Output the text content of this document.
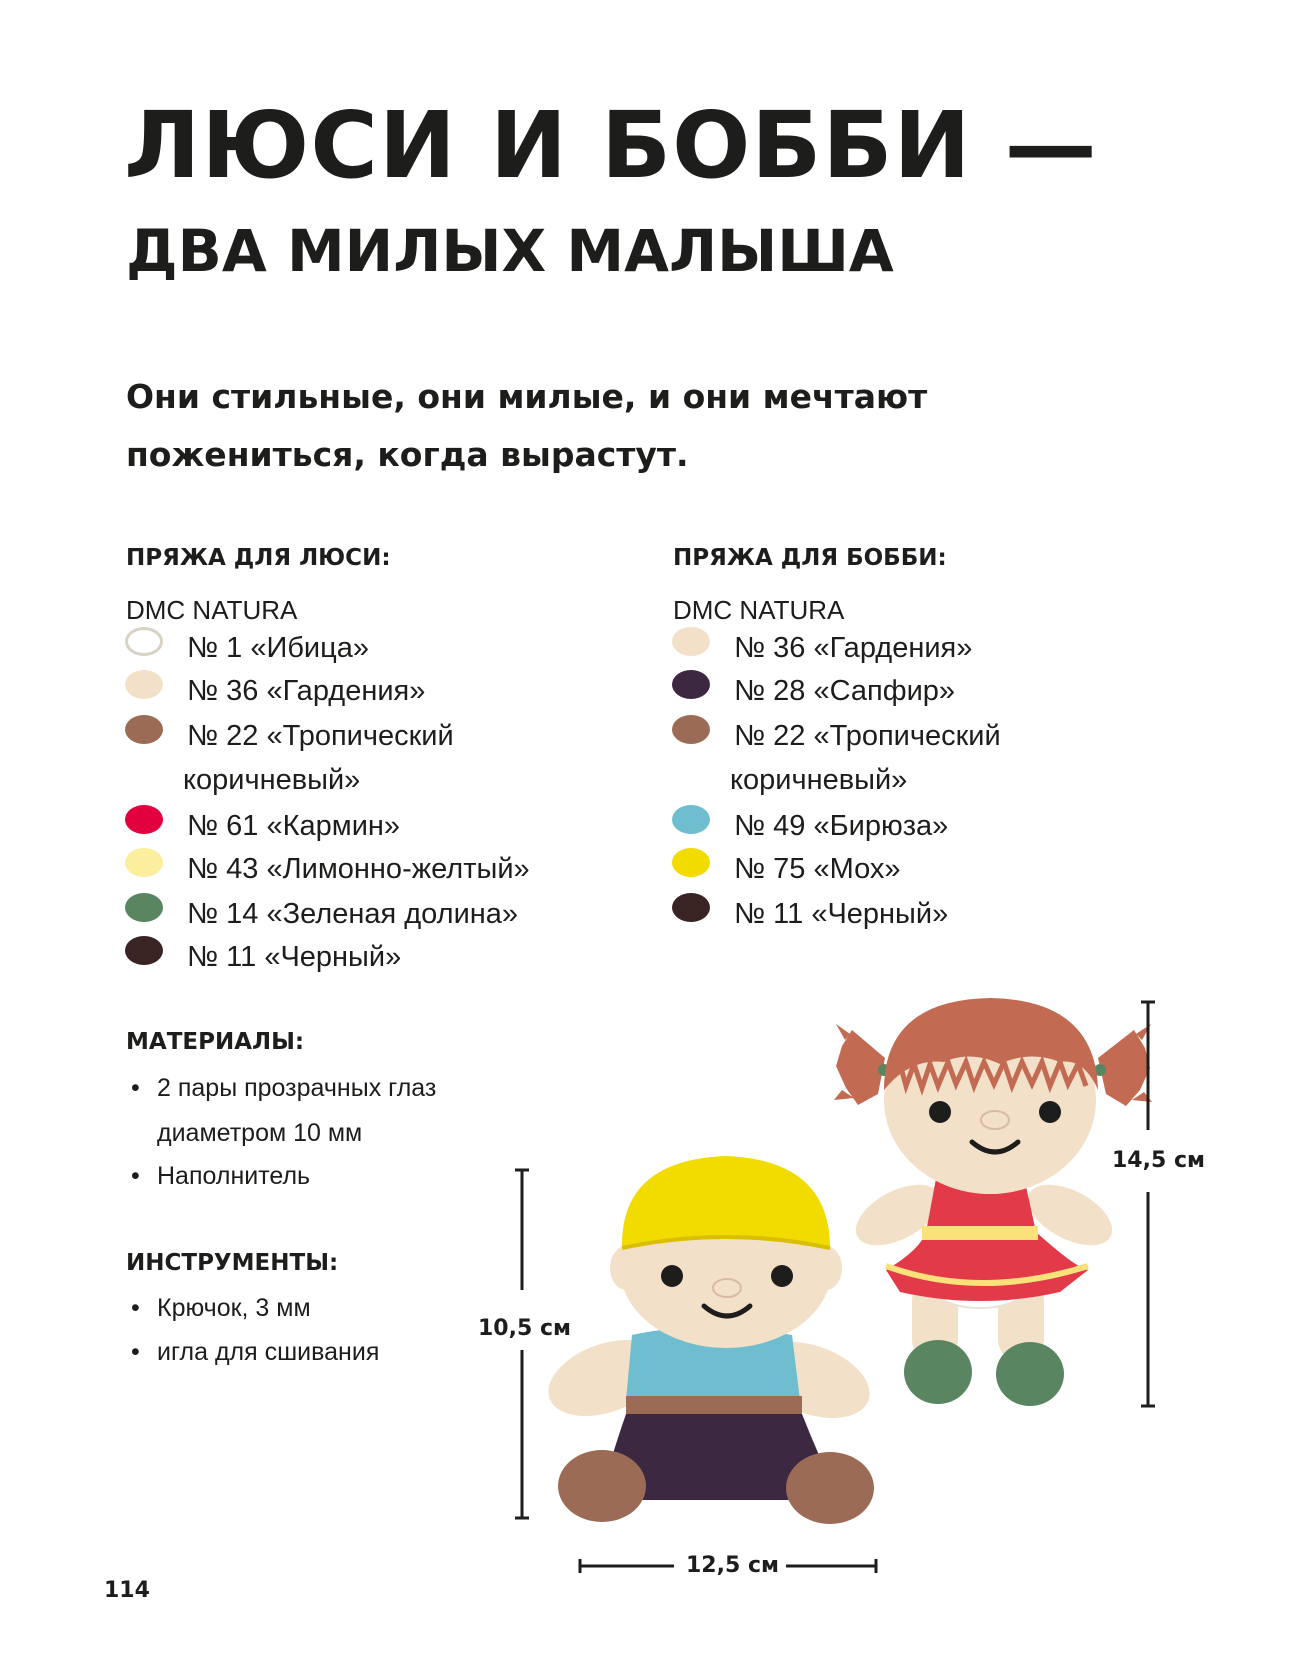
ЛЮСИ И БОББИ —
ДВА МИЛЫХ МАЛЫША
Они стильные, они милые, и они мечтают пожениться, когда вырастут.
ПРЯЖА ДЛЯ ЛЮСИ:
DMC NATURA
№ 1 «Ибица»
№ 36 «Гардения»
№ 22 «Тропический
коричневый»
№ 61 «Кармин»
№ 43 «Лимонно-желтый»
№ 14 «Зеленая долина»
№ 11 «Черный»
ПРЯЖА ДЛЯ БОББИ:
DMC NATURA
№ 36 «Гардения»
№ 28 «Сапфир»
№ 22 «Тропический
коричневый»
№ 49 «Бирюза»
№ 75 «Мох»
№ 11 «Черный»
МАТЕРИАЛЫ:
• 2 пары прозрачных глаз
диаметром 10 мм
• Наполнитель
ИНСТРУМЕНТЫ:
• Крючок, 3 мм
• игла для сшивания
10,5 см
14,5 см
12,5 см
114
